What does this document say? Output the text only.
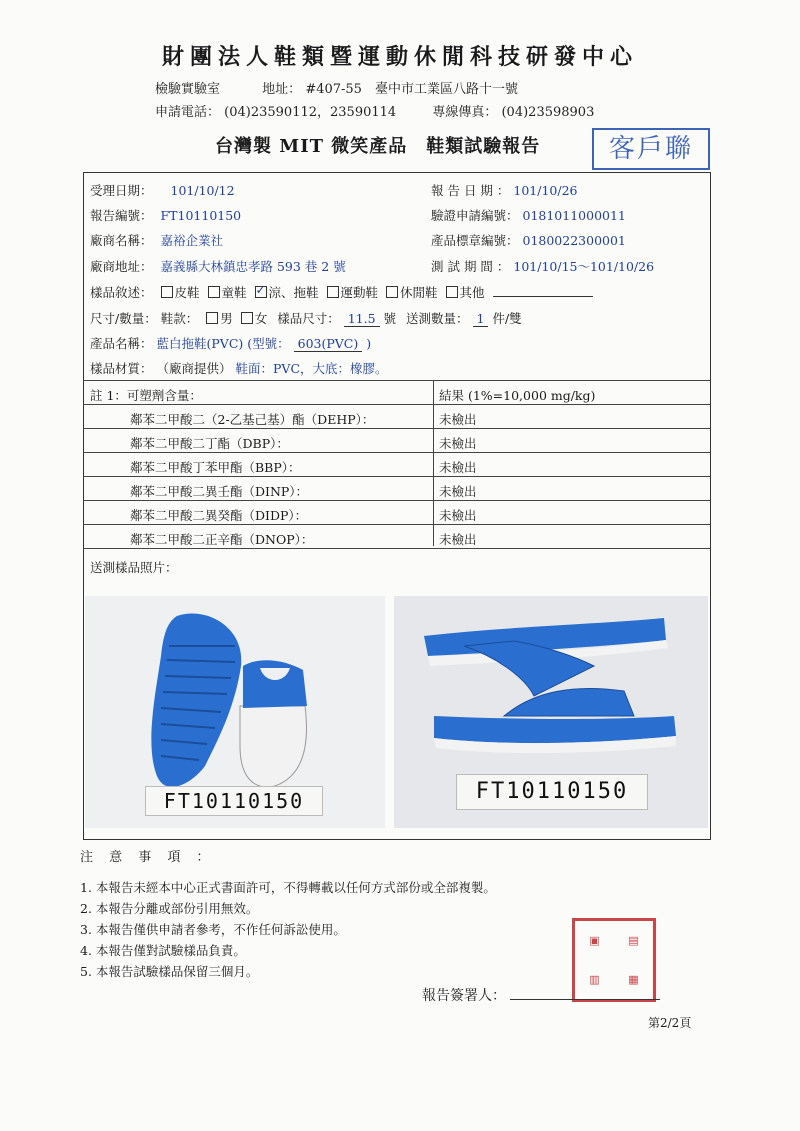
財團法人鞋類暨運動休閒科技研發中心
檢驗實驗室	地址： #407-55　臺中市工業區八路十一號
申請電話： (04)23590112，23590114	專線傳真： (04)23598903
台灣製 MIT 微笑產品　鞋類試驗報告	客戶聯
受理日期： 101/10/12	報 告 日 期 ： 101/10/26
報告編號： FT10110150	驗證申請編號： 0181011000011
廠商名稱： 嘉裕企業社	產品標章編號： 0180022300001
廠商地址： 嘉義縣大林鎮忠孝路 593 巷 2 號	測 試 期 間 ： 101/10/15～101/10/26
樣品敘述： 皮鞋 童鞋 ✓ 涼、拖鞋 運動鞋 休閒鞋 其他
尺寸/數量： 鞋款： 男 女 樣品尺寸： 11.5 號 送測數量： 1 件/雙
產品名稱： 藍白拖鞋(PVC) (型號： 603(PVC) )
樣品材質： （廠商提供） 鞋面：PVC，大底：橡膠。
註 1：可塑劑含量：	結果 (1%=10,000 mg/kg)
鄰苯二甲酸二（2-乙基己基）酯（DEHP）：	未檢出
鄰苯二甲酸二丁酯（DBP）：	未檢出
鄰苯二甲酸丁苯甲酯（BBP）：	未檢出
鄰苯二甲酸二異壬酯（DINP）：	未檢出
鄰苯二甲酸二異癸酯（DIDP）：	未檢出
鄰苯二甲酸二正辛酯（DNOP）：	未檢出
送測樣品照片：
FT10110150	FT10110150
注 意 事 項 ：
1. 本報告未經本中心正式書面許可，不得轉載以任何方式部份或全部複製。
2. 本報告分離或部份引用無效。
3. 本報告僅供申請者參考，不作任何訴訟使用。
4. 本報告僅對試驗樣品負責。
5. 本報告試驗樣品保留三個月。
▣	▤
▥	▦
報告簽署人：
第2/2頁
